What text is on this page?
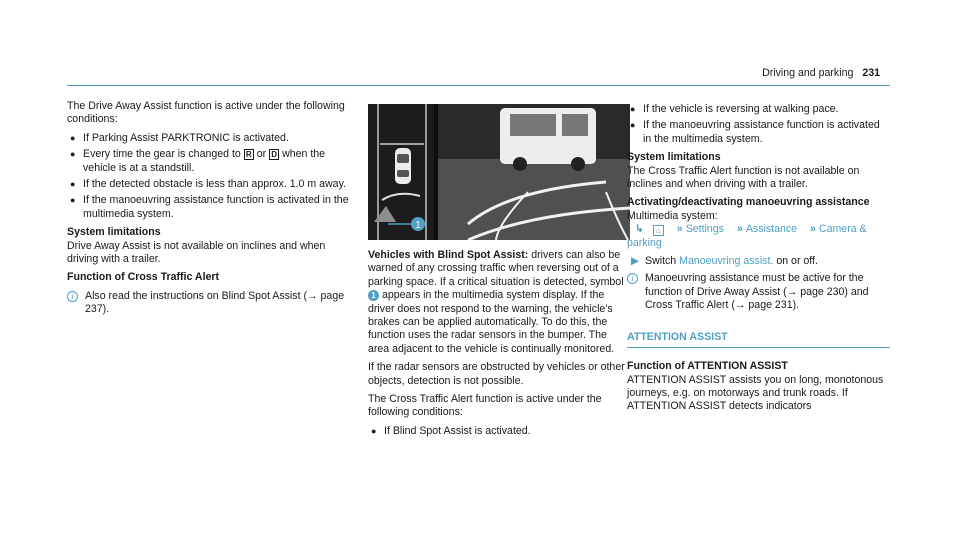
Driving and parking 231

The Drive Away Assist function is active under the following conditions:

● If Parking Assist PARKTRONIC is activated.
● Every time the gear is changed to R or D when the vehicle is at a standstill.
● If the detected obstacle is less than approx. 1.0 m away.
● If the manoeuvring assistance function is activated in the multimedia system.

System limitations

Drive Away Assist is not available on inclines and when driving with a trailer.

Function of Cross Traffic Alert

i	Also read the instructions on Blind Spot Assist (→ page 237).
1

Vehicles with Blind Spot Assist: drivers can also be warned of any crossing traffic when reversing out of a parking space. If a critical situation is detected, symbol 1 appears in the multimedia system display. If the driver does not respond to the warning, the vehicle's brakes can be applied automatically. To do this, the function uses the radar sensors in the bumper. The area adjacent to the vehicle is continually monitored.

If the radar sensors are obstructed by vehicles or other objects, detection is not possible.

The Cross Traffic Alert function is active under the following conditions:

● If Blind Spot Assist is activated.
● If the vehicle is reversing at walking pace.
● If the manoeuvring assistance function is activated in the multimedia system.

System limitations

The Cross Traffic Alert function is not available on inclines and when driving with a trailer.

Activating/deactivating manoeuvring assistance

Multimedia system:

↳ ⌂ » Settings » Assistance » Camera & parking
▶ Switch Manoeuvring assist. on or off.
i	Manoeuvring assistance must be active for the function of Drive Away Assist (→ page 230) and Cross Traffic Alert (→ page 231).
ATTENTION ASSIST

Function of ATTENTION ASSIST

ATTENTION ASSIST assists you on long, monotonous journeys, e.g. on motorways and trunk roads. If ATTENTION ASSIST detects indicators
